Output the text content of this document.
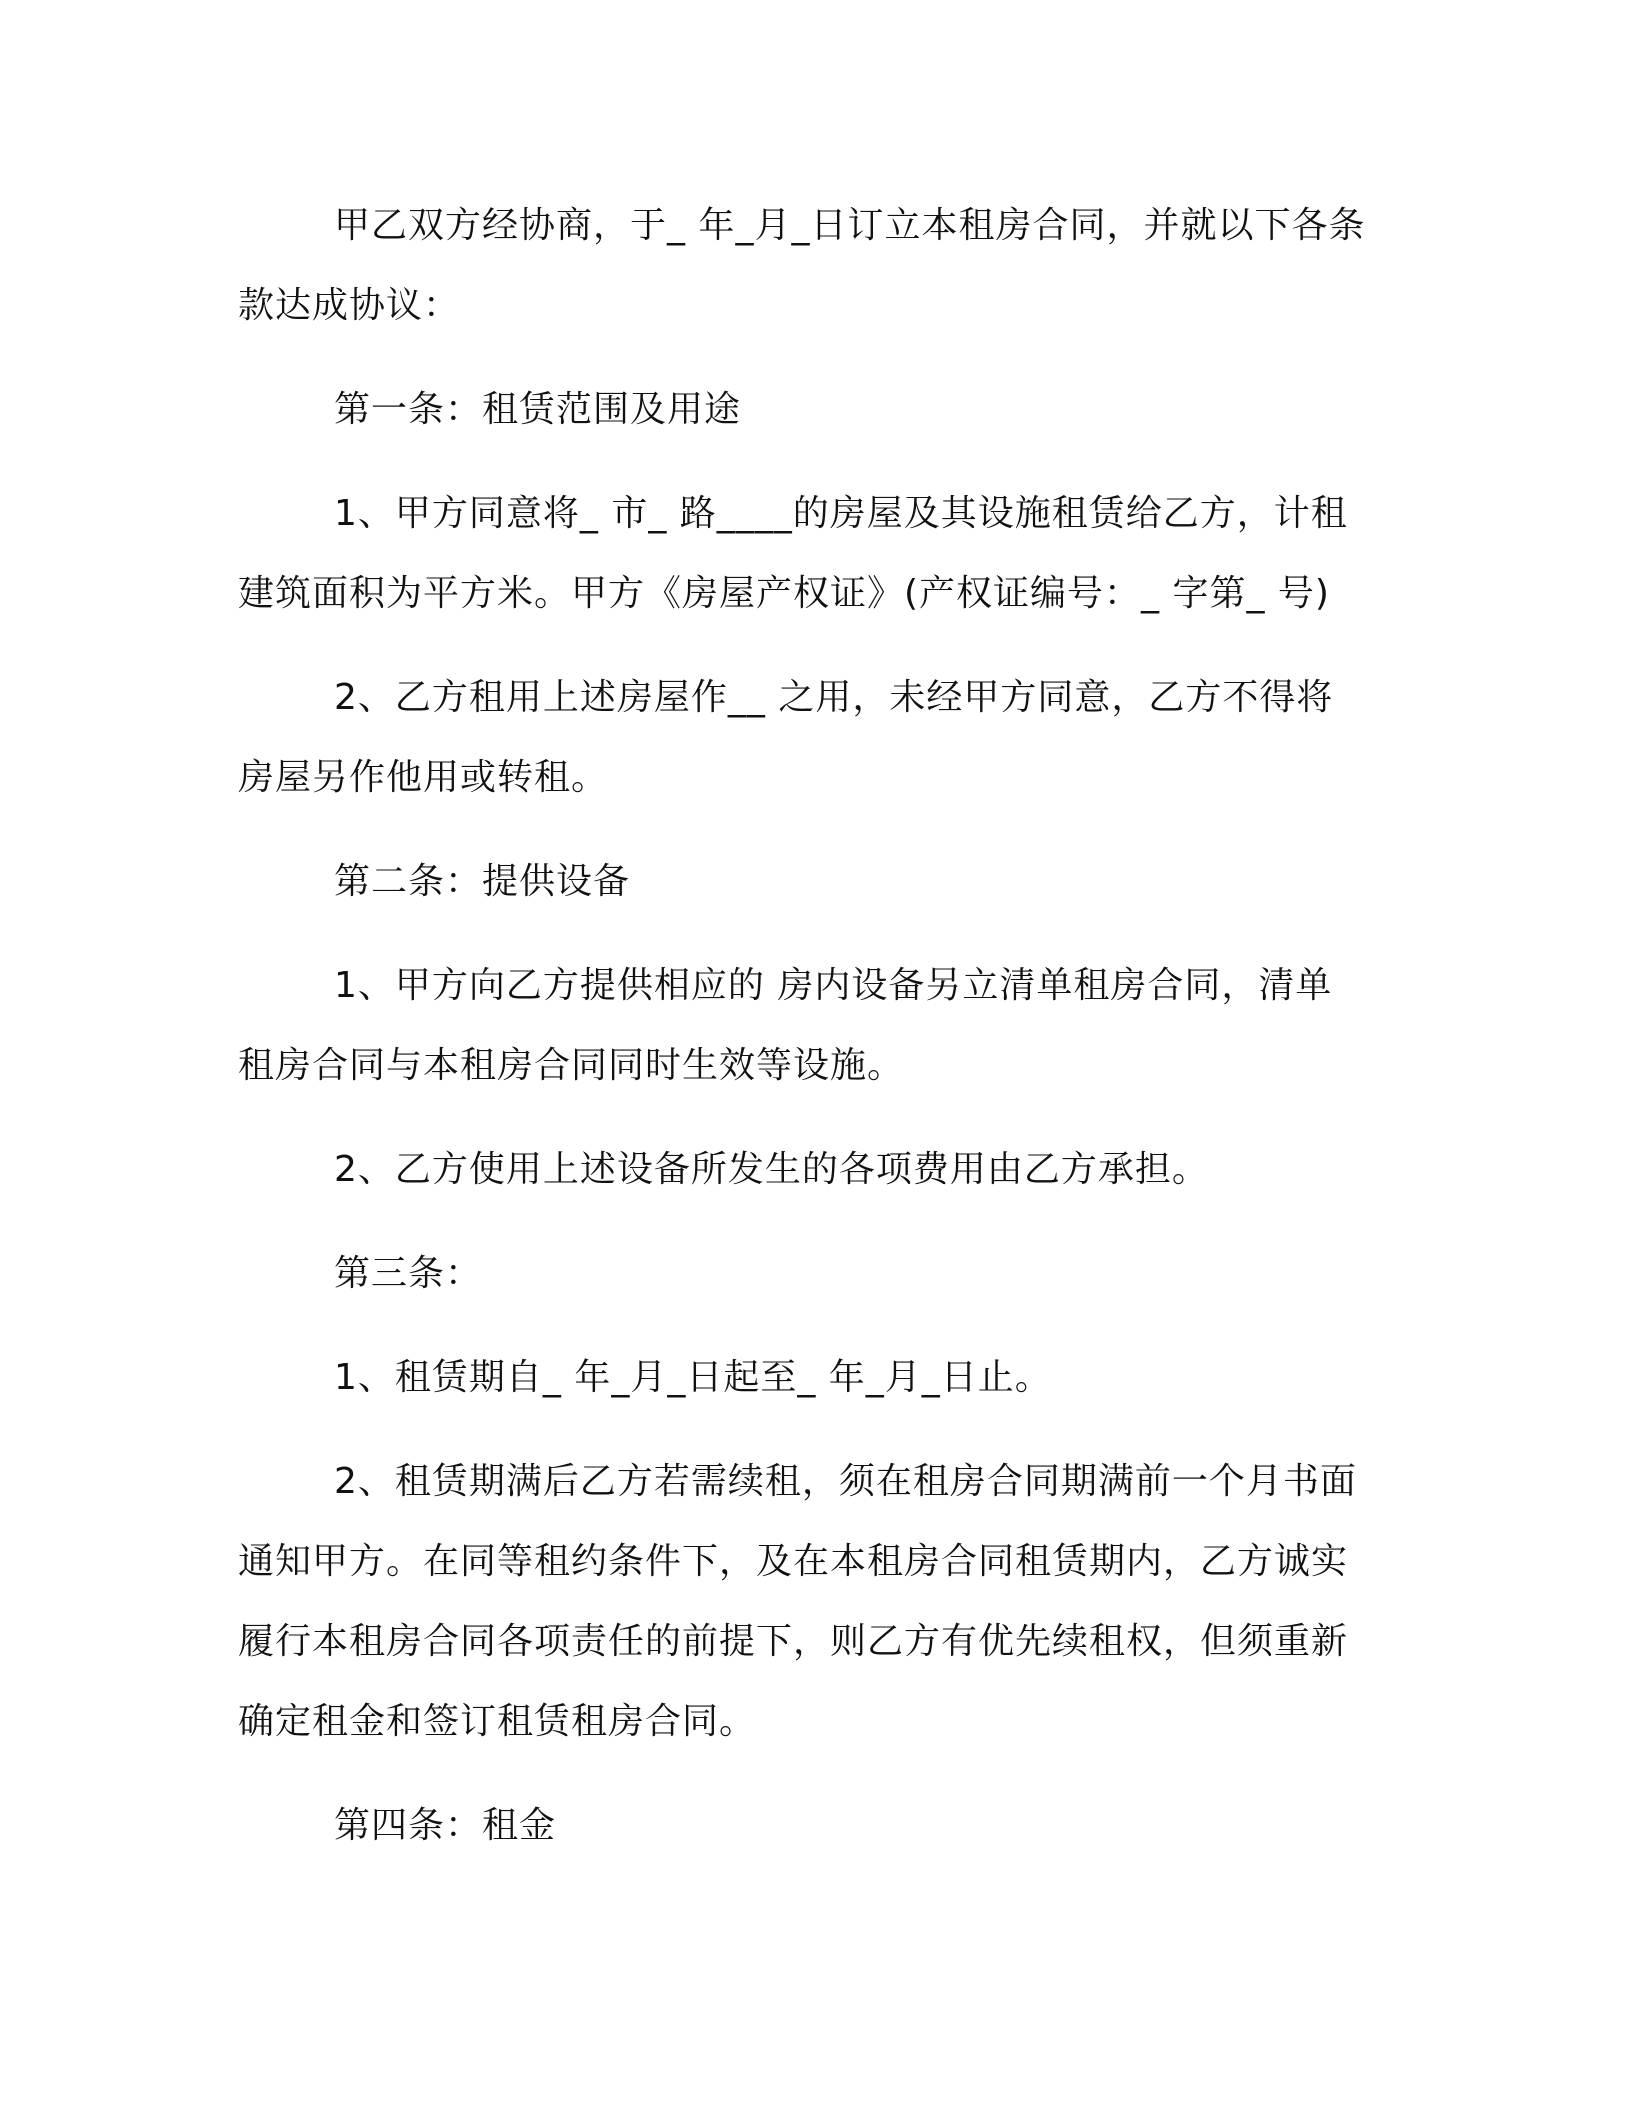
甲乙双方经协商，于_ 年_月_日订立本租房合同，并就以下各条款达成协议：

第一条：租赁范围及用途

1、甲方同意将_ 市_ 路____的房屋及其设施租赁给乙方，计租建筑面积为平方米。甲方《房屋产权证》(产权证编号：_ 字第_ 号)

2、乙方租用上述房屋作__ 之用，未经甲方同意，乙方不得将房屋另作他用或转租。

第二条：提供设备

1、甲方向乙方提供相应的 房内设备另立清单租房合同，清单租房合同与本租房合同同时生效等设施。

2、乙方使用上述设备所发生的各项费用由乙方承担。

第三条：

1、租赁期自_ 年_月_日起至_ 年_月_日止。

2、租赁期满后乙方若需续租，须在租房合同期满前一个月书面通知甲方。在同等租约条件下，及在本租房合同租赁期内，乙方诚实履行本租房合同各项责任的前提下，则乙方有优先续租权，但须重新确定租金和签订租赁租房合同。

第四条：租金
